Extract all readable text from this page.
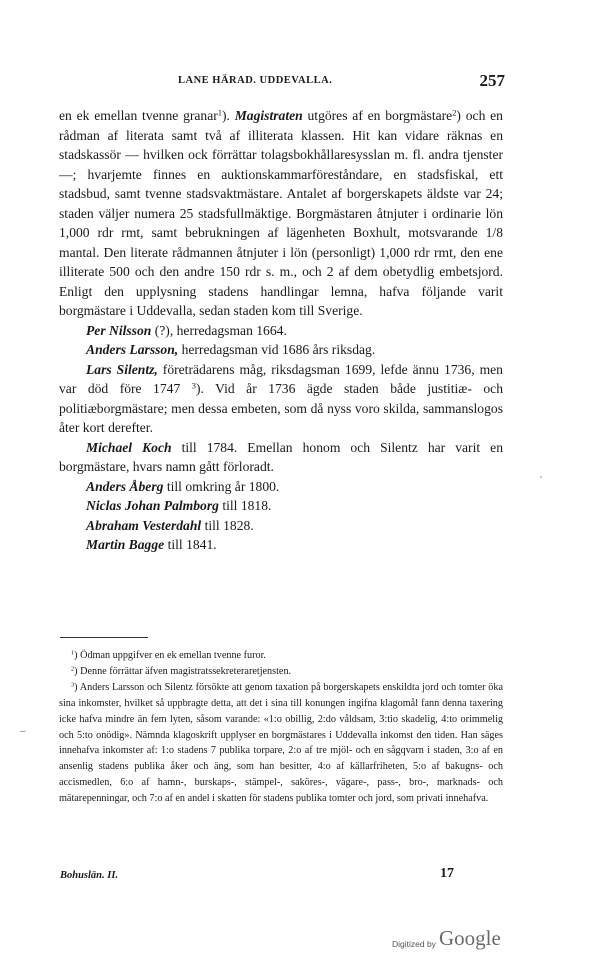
LANE HÄRAD. UDDEVALLA.	257

en ek emellan tvenne granar$^1$). Magistraten utgöres af en borgmästare$^2$) och en rådman af literata samt två af illiterata klassen. Hit kan vidare räknas en stadskassör — hvilken ock förrättar tolagsbokhållaresysslan m. fl. andra tjenster —; hvarjemte finnes en auktionskammarföreståndare, en stadsfiskal, ett stadsbud, samt tvenne stadsvaktmästare. Antalet af borgerskapets äldste var 24; staden väljer numera 25 stadsfullmäktige. Borgmästaren åtnjuter i ordinarie lön 1,000 rdr rmt, samt bebrukningen af lägenheten Boxhult, motsvarande 1/8 mantal. Den literate rådmannen åtnjuter i lön (personligt) 1,000 rdr rmt, den ene illiterate 500 och den andre 150 rdr s. m., och 2 af dem obetydlig embetsjord. Enligt den upplysning stadens handlingar lemna, hafva följande varit borgmästare i Uddevalla, sedan staden kom till Sverige.

Per Nilsson (?), herredagsman 1664.

Anders Larsson, herredagsman vid 1686 års riksdag.

Lars Silentz, företrädarens måg, riksdagsman 1699, lefde ännu 1736, men var död före 1747 $^3$). Vid år 1736 ägde staden både justitiæ- och politiæborgmästare; men dessa embeten, som då nyss voro skilda, sammanslogos åter kort derefter.

Michael Koch till 1784. Emellan honom och Silentz har varit en borgmästare, hvars namn gått förloradt.

Anders Åberg till omkring år 1800.

Niclas Johan Palmborg till 1818.

Abraham Vesterdahl till 1828.

Martin Bagge till 1841.

$^1$) Ödman uppgifver en ek emellan tvenne furor.

$^2$) Denne förrättar äfven magistratssekreteraretjensten.

$^3$) Anders Larsson och Silentz försökte att genom taxation på borgerskapets enskildta jord och tomter öka sina inkomster, hvilket så uppbragte detta, att det i sina till konungen ingifna klagomål fann denna taxering icke hafva mindre än fem lyten, såsom varande: «1:o obillig, 2:do våldsam, 3:tio skadelig, 4:to orimmelig och 5:to onödig». Nämnda klagoskrift upplyser en borgmästares i Uddevalla inkomst den tiden. Han säges innehafva inkomster af: 1:o stadens 7 publika torpare, 2:o af tre mjöl- och en sågqvarn i staden, 3:o af en ansenlig stadens publika åker och äng, som han besitter, 4:o af källarfriheten, 5:o af bakugns- och accismedlen, 6:o af hamn-, burskaps-, stämpel-, saköres-, vägare-, pass-, bro-, marknads- och mätarepenningar, och 7:o af en andel i skatten för stadens publika tomter och jord, som privati innehafva.

Bohuslän. II.	17
–
'
Digitized by Google
